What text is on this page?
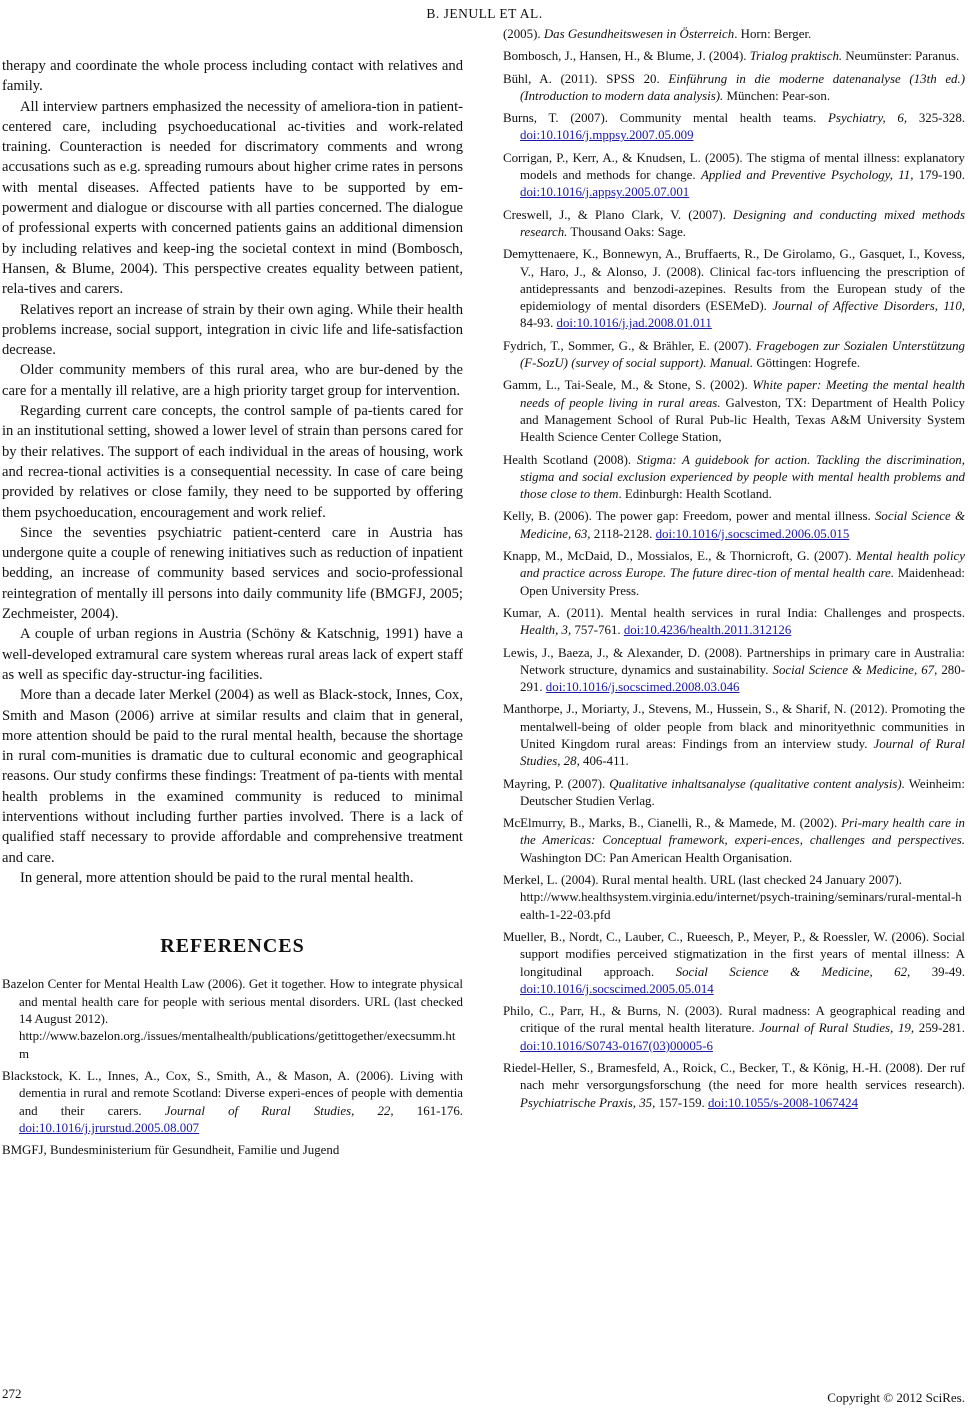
B. JENULL ET AL.

therapy and coordinate the whole process including contact with relatives and family.

All interview partners emphasized the necessity of ameliora-tion in patient-centered care, including psychoeducational ac-tivities and work-related training. Counteraction is needed for discrimatory comments and wrong accusations such as e.g. spreading rumours about higher crime rates in persons with mental diseases. Affected patients have to be supported by em-powerment and dialogue or discourse with all parties concerned. The dialogue of professional experts with concerned patients gains an additional dimension by including relatives and keep-ing the societal context in mind (Bombosch, Hansen, & Blume, 2004). This perspective creates equality between patient, rela-tives and carers.

Relatives report an increase of strain by their own aging. While their health problems increase, social support, integration in civic life and life-satisfaction decrease.

Older community members of this rural area, who are bur-dened by the care for a mentally ill relative, are a high priority target group for intervention.

Regarding current care concepts, the control sample of pa-tients cared for in an institutional setting, showed a lower level of strain than persons cared for by their relatives. The support of each individual in the areas of housing, work and recrea-tional activities is a consequential necessity. In case of care being provided by relatives or close family, they need to be supported by offering them psychoeducation, encouragement and work relief.

Since the seventies psychiatric patient-centerd care in Austria has undergone quite a couple of renewing initiatives such as reduction of inpatient bedding, an increase of community based services and socio-professional reintegration of mentally ill persons into daily community life (BMGFJ, 2005; Zechmeister, 2004).

A couple of urban regions in Austria (Schöny & Katschnig, 1991) have a well-developed extramural care system whereas rural areas lack of expert staff as well as specific day-structur-ing facilities.

More than a decade later Merkel (2004) as well as Black-stock, Innes, Cox, Smith and Mason (2006) arrive at similar results and claim that in general, more attention should be paid to the rural mental health, because the shortage in rural com-munities is dramatic due to cultural economic and geographical reasons. Our study confirms these findings: Treatment of pa-tients with mental health problems in the examined community is reduced to minimal interventions without including further parties involved. There is a lack of qualified staff necessary to provide affordable and comprehensive treatment and care.

In general, more attention should be paid to the rural mental health.

REFERENCES
Bazelon Center for Mental Health Law (2006). Get it together. How to integrate physical and mental health care for people with serious mental disorders. URL (last checked 14 August 2012).
http://www.bazelon.org./issues/mentalhealth/publications/getittogether/execsumm.htm
Blackstock, K. L., Innes, A., Cox, S., Smith, A., & Mason, A. (2006). Living with dementia in rural and remote Scotland: Diverse experi-ences of people with dementia and their carers. Journal of Rural Studies, 22, 161-176. doi:10.1016/j.jrurstud.2005.08.007
BMGFJ, Bundesministerium für Gesundheit, Familie und Jugend
(2005). Das Gesundheitswesen in Österreich. Horn: Berger.
Bombosch, J., Hansen, H., & Blume, J. (2004). Trialog praktisch. Neumünster: Paranus.
Bühl, A. (2011). SPSS 20. Einführung in die moderne datenanalyse (13th ed.) (Introduction to modern data analysis). München: Pear-son.
Burns, T. (2007). Community mental health teams. Psychiatry, 6, 325-328. doi:10.1016/j.mppsy.2007.05.009
Corrigan, P., Kerr, A., & Knudsen, L. (2005). The stigma of mental illness: explanatory models and methods for change. Applied and Preventive Psychology, 11, 179-190. doi:10.1016/j.appsy.2005.07.001
Creswell, J., & Plano Clark, V. (2007). Designing and conducting mixed methods research. Thousand Oaks: Sage.
Demyttenaere, K., Bonnewyn, A., Bruffaerts, R., De Girolamo, G., Gasquet, I., Kovess, V., Haro, J., & Alonso, J. (2008). Clinical fac-tors influencing the prescription of antidepressants and benzodi-azepines. Results from the European study of the epidemiology of mental disorders (ESEMeD). Journal of Affective Disorders, 110, 84-93. doi:10.1016/j.jad.2008.01.011
Fydrich, T., Sommer, G., & Brähler, E. (2007). Fragebogen zur Sozialen Unterstützung (F-SozU) (survey of social support). Manual. Göttingen: Hogrefe.
Gamm, L., Tai-Seale, M., & Stone, S. (2002). White paper: Meeting the mental health needs of people living in rural areas. Galveston, TX: Department of Health Policy and Management School of Rural Pub-lic Health, Texas A&M University System Health Science Center College Station,
Health Scotland (2008). Stigma: A guidebook for action. Tackling the discrimination, stigma and social exclusion experienced by people with mental health problems and those close to them. Edinburgh: Health Scotland.
Kelly, B. (2006). The power gap: Freedom, power and mental illness. Social Science & Medicine, 63, 2118-2128. doi:10.1016/j.socscimed.2006.05.015
Knapp, M., McDaid, D., Mossialos, E., & Thornicroft, G. (2007). Mental health policy and practice across Europe. The future direc-tion of mental health care. Maidenhead: Open University Press.
Kumar, A. (2011). Mental health services in rural India: Challenges and prospects. Health, 3, 757-761. doi:10.4236/health.2011.312126
Lewis, J., Baeza, J., & Alexander, D. (2008). Partnerships in primary care in Australia: Network structure, dynamics and sustainability. Social Science & Medicine, 67, 280-291. doi:10.1016/j.socscimed.2008.03.046
Manthorpe, J., Moriarty, J., Stevens, M., Hussein, S., & Sharif, N. (2012). Promoting the mentalwell-being of older people from black and minorityethnic communities in United Kingdom rural areas: Findings from an interview study. Journal of Rural Studies, 28, 406-411.
Mayring, P. (2007). Qualitative inhaltsanalyse (qualitative content analysis). Weinheim: Deutscher Studien Verlag.
McElmurry, B., Marks, B., Cianelli, R., & Mamede, M. (2002). Pri-mary health care in the Americas: Conceptual framework, experi-ences, challenges and perspectives. Washington DC: Pan American Health Organisation.
Merkel, L. (2004). Rural mental health. URL (last checked 24 January 2007).
http://www.healthsystem.virginia.edu/internet/psych-training/seminars/rural-mental-health-1-22-03.pfd
Mueller, B., Nordt, C., Lauber, C., Rueesch, P., Meyer, P., & Roessler, W. (2006). Social support modifies perceived stigmatization in the first years of mental illness: A longitudinal approach. Social Science & Medicine, 62, 39-49. doi:10.1016/j.socscimed.2005.05.014
Philo, C., Parr, H., & Burns, N. (2003). Rural madness: A geographical reading and critique of the rural mental health literature. Journal of Rural Studies, 19, 259-281. doi:10.1016/S0743-0167(03)00005-6
Riedel-Heller, S., Bramesfeld, A., Roick, C., Becker, T., & König, H.-H. (2008). Der ruf nach mehr versorgungsforschung (the need for more health services research). Psychiatrische Praxis, 35, 157-159. doi:10.1055/s-2008-1067424
272	Copyright © 2012 SciRes.
